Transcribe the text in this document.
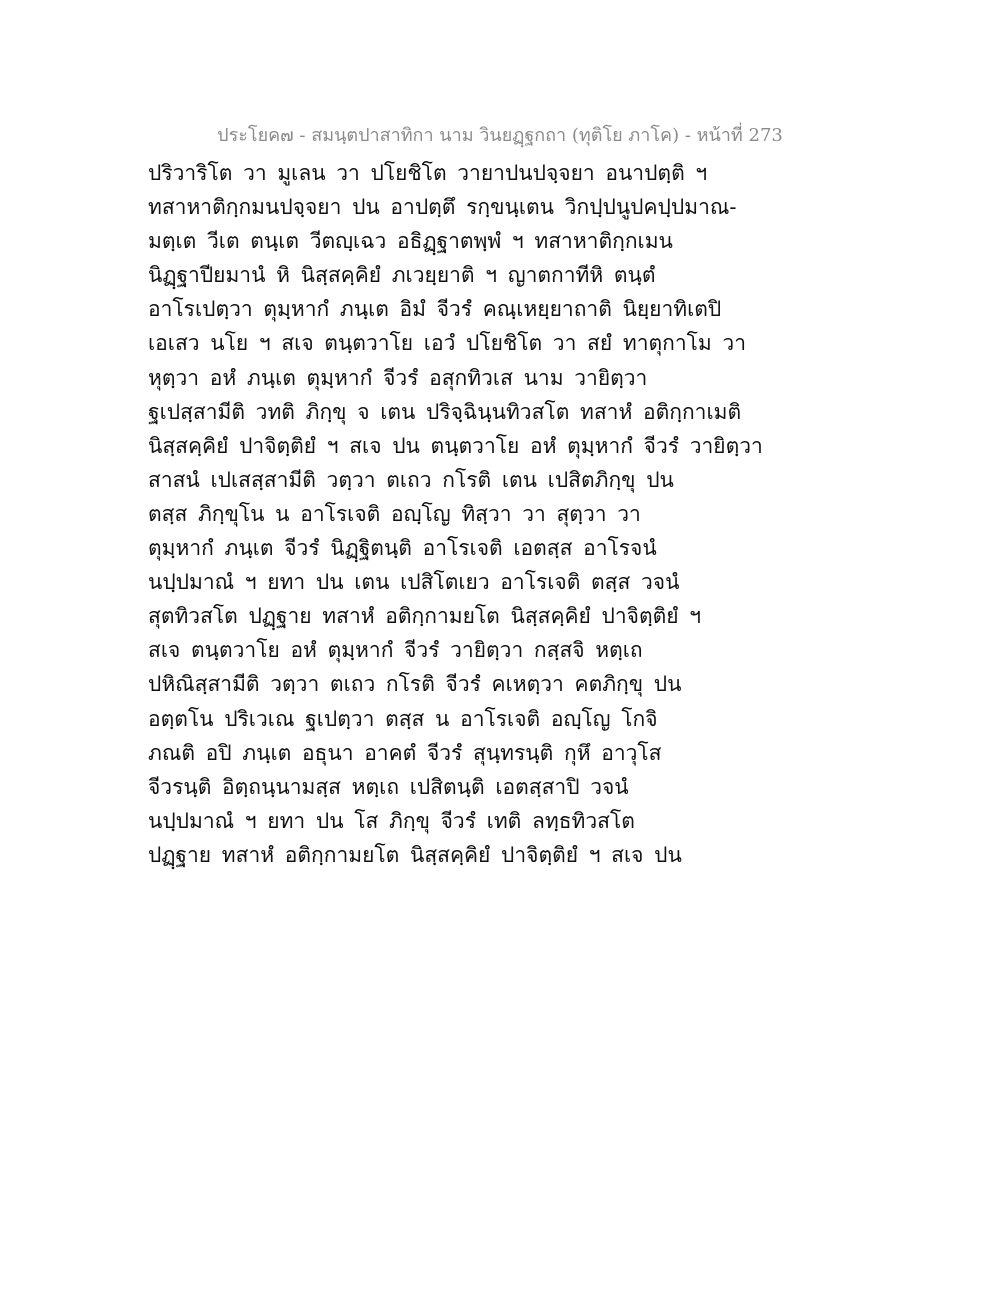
ประโยค๗ - สมนฺตปาสาทิกา นาม วินยฏฺฐกถา (ทุติโย ภาโค) - หน้าที่ 273
ปริวาริโต วา มูเลน วา ปโยชิโต วายาปนปจฺจยา อนาปตฺติ ฯ
ทสาหาติกฺกมนปจฺจยา ปน อาปตฺตึ รกฺขนฺเตน วิกปฺปนูปคปฺปมาณ-
มตฺเต วีเต ตนฺเต วีตญฺเฉว อธิฏฺฐาตพฺพํ ฯ ทสาหาติกฺกเมน
นิฏฺฐาปียมานํ หิ นิสฺสคฺคิยํ ภเวยฺยาติ ฯ ญาตกาทีหิ ตนฺตํ
อาโรเปตฺวา ตุมฺหากํ ภนฺเต อิมํ จีวรํ คณฺเหยฺยาถาติ นิยฺยาทิเตปิ
เอเสว นโย ฯ สเจ ตนฺตวาโย เอวํ ปโยชิโต วา สยํ ทาตุกาโม วา
หุตฺวา อหํ ภนฺเต ตุมฺหากํ จีวรํ อสุกทิวเส นาม วายิตฺวา
ฐเปสฺสามีติ วทติ ภิกฺขุ จ เตน ปริจฺฉินฺนทิวสโต ทสาหํ อติกฺกาเมติ
นิสฺสคฺคิยํ ปาจิตฺติยํ ฯ สเจ ปน ตนฺตวาโย อหํ ตุมฺหากํ จีวรํ วายิตฺวา
สาสนํ เปเสสฺสามีติ วตฺวา ตเถว กโรติ เตน เปสิตภิกฺขุ ปน
ตสฺส ภิกฺขุโน น อาโรเจติ อญฺโญ ทิสฺวา วา สุตฺวา วา
ตุมฺหากํ ภนฺเต จีวรํ นิฏฺฐิตนฺติ อาโรเจติ เอตสฺส อาโรจนํ
นปฺปมาณํ ฯ ยทา ปน เตน เปสิโตเยว อาโรเจติ ตสฺส วจนํ
สุตทิวสโต ปฏฺฐาย ทสาหํ อติกฺกามยโต นิสฺสคฺคิยํ ปาจิตฺติยํ ฯ
สเจ ตนฺตวาโย อหํ ตุมฺหากํ จีวรํ วายิตฺวา กสฺสจิ หตฺเถ
ปหิณิสฺสามีติ วตฺวา ตเถว กโรติ จีวรํ คเหตฺวา คตภิกฺขุ ปน
อตฺตโน ปริเวเณ ฐเปตฺวา ตสฺส น อาโรเจติ อญฺโญ โกจิ
ภณติ อปิ ภนฺเต อธุนา อาคตํ จีวรํ สุนฺทรนฺติ กุหึ อาวุโส
จีวรนฺติ อิตฺถนฺนามสฺส หตฺเถ เปสิตนฺติ เอตสฺสาปิ วจนํ
นปฺปมาณํ ฯ ยทา ปน โส ภิกฺขุ จีวรํ เทติ ลทฺธทิวสโต
ปฏฺฐาย ทสาหํ อติกฺกามยโต นิสฺสคฺคิยํ ปาจิตฺติยํ ฯ สเจ ปน
